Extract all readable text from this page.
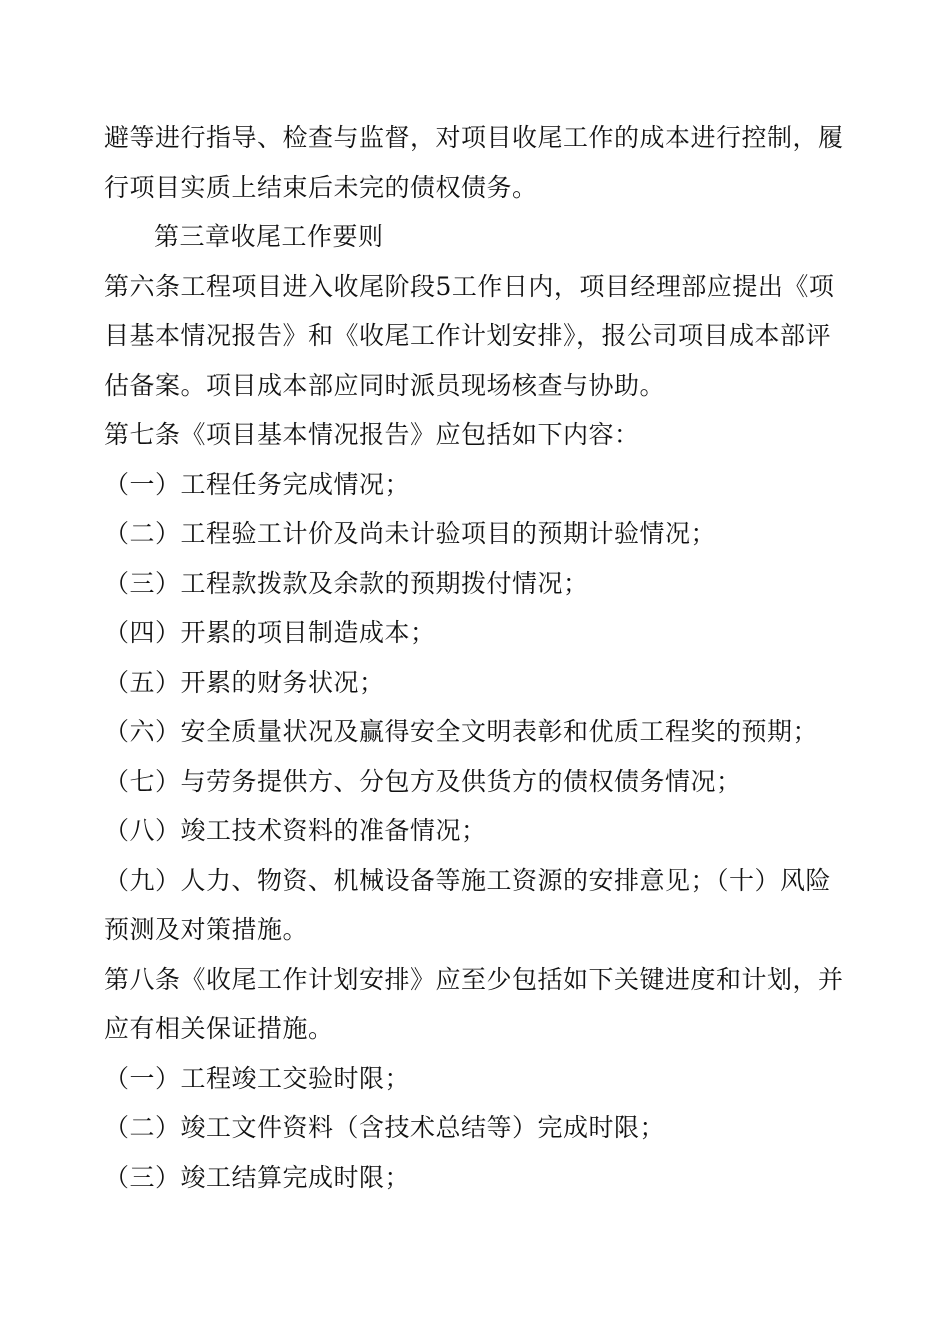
避等进行指导、检查与监督，对项目收尾工作的成本进行控制，履
行项目实质上结束后未完的债权债务。
第三章收尾工作要则
第六条工程项目进入收尾阶段5工作日内，项目经理部应提出《项
目基本情况报告》和《收尾工作计划安排》，报公司项目成本部评
估备案。项目成本部应同时派员现场核查与协助。
第七条《项目基本情况报告》应包括如下内容：
（一）工程任务完成情况；
（二）工程验工计价及尚未计验项目的预期计验情况；
（三）工程款拨款及余款的预期拨付情况；
（四）开累的项目制造成本；
（五）开累的财务状况；
（六）安全质量状况及赢得安全文明表彰和优质工程奖的预期；
（七）与劳务提供方、分包方及供货方的债权债务情况；
（八）竣工技术资料的准备情况；
（九）人力、物资、机械设备等施工资源的安排意见；（十）风险
预测及对策措施。
第八条《收尾工作计划安排》应至少包括如下关键进度和计划，并
应有相关保证措施。
（一）工程竣工交验时限；
（二）竣工文件资料（含技术总结等）完成时限；
（三）竣工结算完成时限；
